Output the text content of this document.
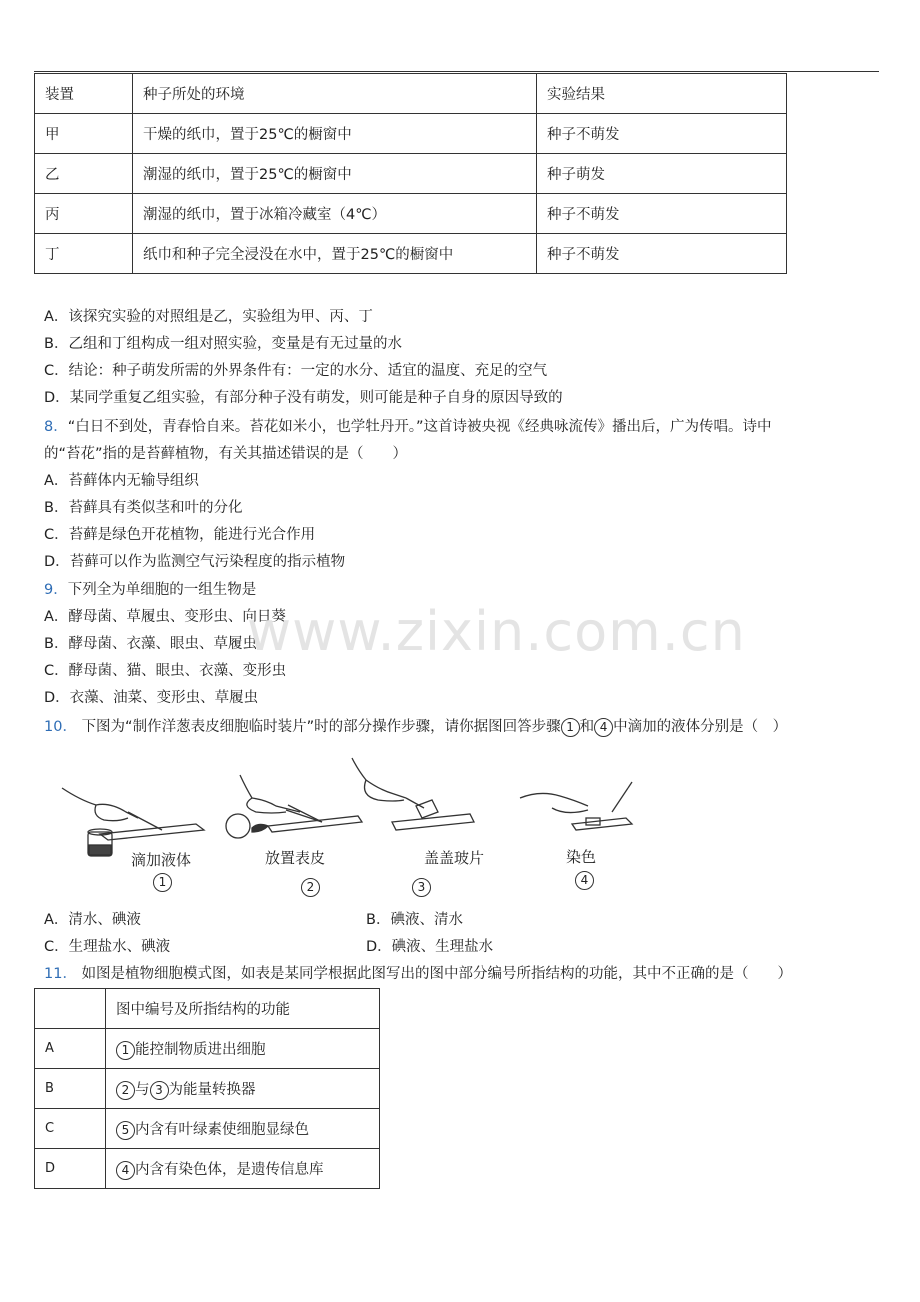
装置	种子所处的环境	实验结果
甲	干燥的纸巾，置于25℃的橱窗中	种子不萌发
乙	潮湿的纸巾，置于25℃的橱窗中	种子萌发
丙	潮湿的纸巾，置于冰箱冷藏室（4℃）	种子不萌发
丁	纸巾和种子完全浸没在水中，置于25℃的橱窗中	种子不萌发
A．该探究实验的对照组是乙，实验组为甲、丙、丁
B．乙组和丁组构成一组对照实验，变量是有无过量的水
C．结论：种子萌发所需的外界条件有：一定的水分、适宜的温度、充足的空气
D．某同学重复乙组实验，有部分种子没有萌发，则可能是种子自身的原因导致的
8．“白日不到处，青春恰自来。苔花如米小，也学牡丹开。”这首诗被央视《经典咏流传》播出后，广为传唱。诗中
的“苔花”指的是苔藓植物，有关其描述错误的是（　　）
A．苔藓体内无输导组织
B．苔藓具有类似茎和叶的分化
C．苔藓是绿色开花植物，能进行光合作用
D．苔藓可以作为监测空气污染程度的指示植物
9．下列全为单细胞的一组生物是
A．酵母菌、草履虫、变形虫、向日葵
B．酵母菌、衣藻、眼虫、草履虫
C．酵母菌、猫、眼虫、衣藻、变形虫
D．衣藻、油菜、变形虫、草履虫
www.zixin.com.cn
10． 下图为“制作洋葱表皮细胞临时装片”时的部分操作步骤，请你据图回答步骤 1 和 4 中滴加的液体分别是（　）
滴加液体
1
放置表皮
2
盖盖玻片
3
染色
4
A．清水、碘液	B．碘液、清水
C．生理盐水、碘液	D．碘液、生理盐水
11． 如图是植物细胞模式图，如表是某同学根据此图写出的图中部分编号所指结构的功能，其中不正确的是（　　）
	图中编号及所指结构的功能
A	1 能控制物质进出细胞
B	2 与 3 为能量转换器
C	5 内含有叶绿素使细胞显绿色
D	4 内含有染色体，是遗传信息库
